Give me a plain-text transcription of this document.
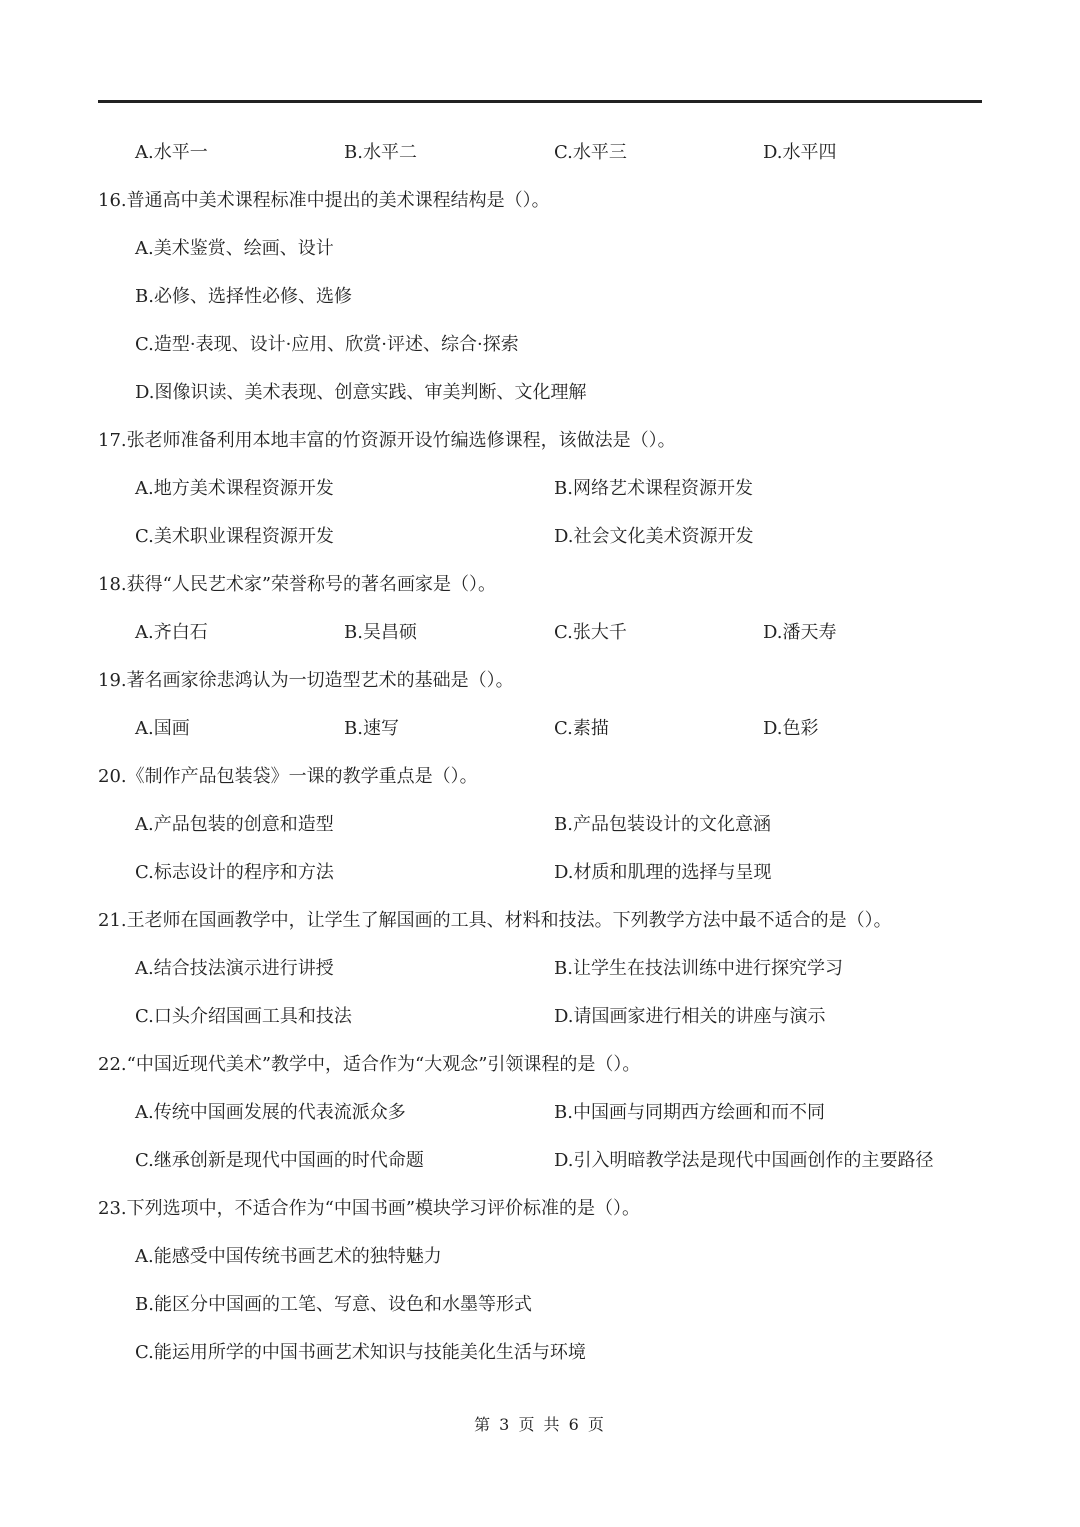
A.水平一	B.水平二	C.水平三	D.水平四
16.普通高中美术课程标准中提出的美术课程结构是（）。
A.美术鉴赏、绘画、设计
B.必修、选择性必修、选修
C.造型·表现、设计·应用、欣赏·评述、综合·探索
D.图像识读、美术表现、创意实践、审美判断、文化理解
17.张老师准备利用本地丰富的竹资源开设竹编选修课程，该做法是（）。
A.地方美术课程资源开发	B.网络艺术课程资源开发
C.美术职业课程资源开发	D.社会文化美术资源开发
18.获得“人民艺术家”荣誉称号的著名画家是（）。
A.齐白石	B.吴昌硕	C.张大千	D.潘天寿
19.著名画家徐悲鸿认为一切造型艺术的基础是（）。
A.国画	B.速写	C.素描	D.色彩
20.《制作产品包装袋》一课的教学重点是（）。
A.产品包装的创意和造型	B.产品包装设计的文化意涵
C.标志设计的程序和方法	D.材质和肌理的选择与呈现
21.王老师在国画教学中，让学生了解国画的工具、材料和技法。下列教学方法中最不适合的是（）。
A.结合技法演示进行讲授	B.让学生在技法训练中进行探究学习
C.口头介绍国画工具和技法	D.请国画家进行相关的讲座与演示
22.“中国近现代美术”教学中，适合作为“大观念”引领课程的是（）。
A.传统中国画发展的代表流派众多	B.中国画与同期西方绘画和而不同
C.继承创新是现代中国画的时代命题	D.引入明暗教学法是现代中国画创作的主要路径
23.下列选项中，不适合作为“中国书画”模块学习评价标准的是（）。
A.能感受中国传统书画艺术的独特魅力
B.能区分中国画的工笔、写意、设色和水墨等形式
C.能运用所学的中国书画艺术知识与技能美化生活与环境
第 3 页 共 6 页
